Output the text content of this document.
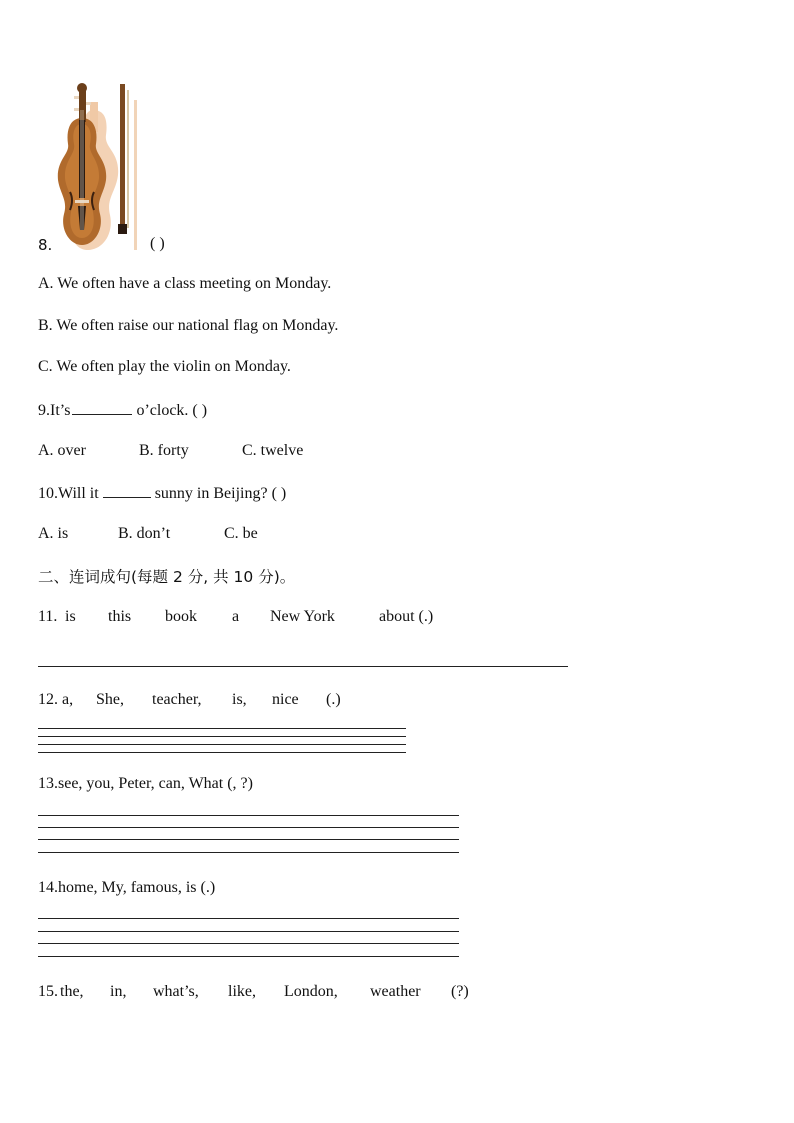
8.	( )
A. We often have a class meeting on Monday.
B. We often raise our national flag on Monday.
C. We often play the violin on Monday.
9.It’s	o’clock. ( )
A. over	B. forty	C. twelve
10.Will it	sunny in Beijing? ( )
A. is	B. don’t	C. be
二、连词成句(每题 2 分, 共 10 分)。
11. is this book a New York	about (.)
12. a, She, teacher, is, nice (.)
13.see, you, Peter, can, What (, ?)
14.home, My, famous, is (.)
15. the, in, what’s, like, London, weather (?)
